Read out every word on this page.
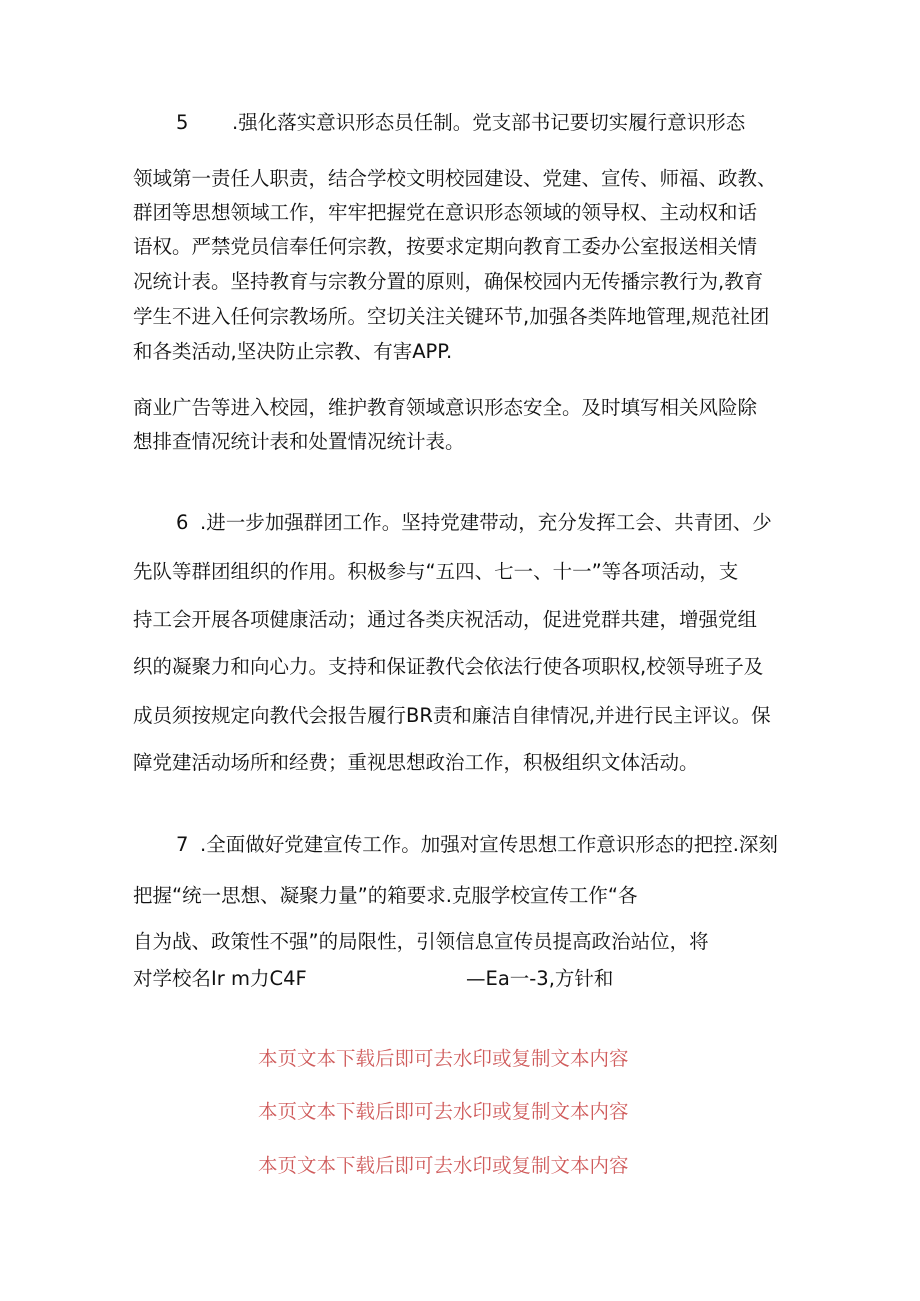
5 .强化落实意识形态员任制。党支部书记要切实履行意识形态
领域第一责任人职责，结合学校文明校园建设、党建、宣传、师福、政教、
群团等思想领域工作，牢牢把握党在意识形态领域的领导权、主动权和话
语权。严禁党员信奉任何宗教，按要求定期向教育工委办公室报送相关情
况统计表。坚持教育与宗教分置的原则，确保校园内无传播宗教行为,教育
学生不进入任何宗教场所。空切关注关键环节,加强各类阵地管理,规范社团
和各类活动,坚决防止宗教、有害APP.
商业广告等进入校园，维护教育领域意识形态安全。及时填写相关风险除
想排查情况统计表和处置情况统计表。
6 .进一步加强群团工作。坚持党建带动，充分发挥工会、共青团、少
先队等群团组织的作用。积极参与“五四、七一、十一”等各项活动，支
持工会开展各项健康活动；通过各类庆祝活动，促进党群共建，增强党组
织的凝聚力和向心力。支持和保证教代会依法行使各项职权,校领导班子及
成员须按规定向教代会报告履行BR责和廉洁自律情况,并进行民主评议。保
障党建活动场所和经费；重视思想政治工作，积极组织文体活动。
7 .全面做好党建宣传工作。加强对宣传思想工作意识形态的把控.深刻
把握“统一思想、凝聚力量”的箱要求.克服学校宣传工作“各
自为战、政策性不强”的局限性，引领信息宣传员提高政治站位，将
对学校名Ir m力C4F	—Ea一-3,方针和
本页文本下载后即可去水印或复制文本内容
本页文本下载后即可去水印或复制文本内容
本页文本下载后即可去水印或复制文本内容
